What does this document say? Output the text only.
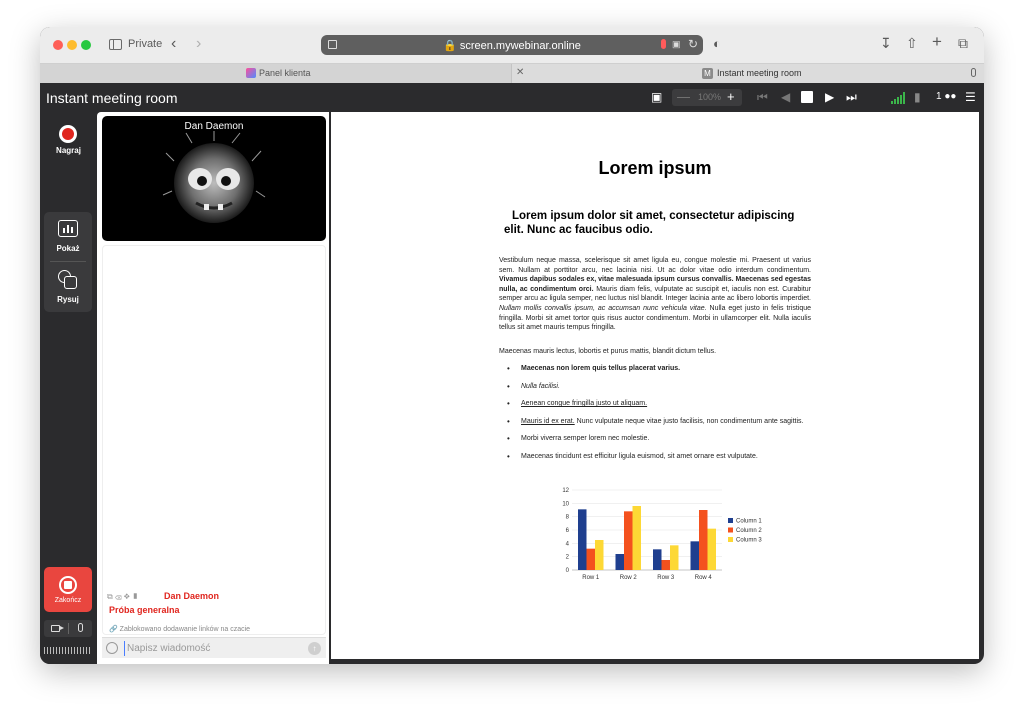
Private ‹ ›	🔒 screen.mywebinar.online	▣ ↻ ◐	↧ ⇧ + ⧉
Panel klienta	✕	M Instant meeting room
Instant meeting room	▣ — 100% + ⏮ ◀	▶ ⏭	▮ 1 ●● ☰
Nagraj
Pokaż
Rysuj
Zakończ
Dan Daemon
⧉ ⌫ ❖ ▮	Dan Daemon
Próba generalna
🔗 Zablokowano dodawanie linków na czacie
Napisz wiadomość
↑
Lorem ipsum
Lorem ipsum dolor sit amet, consectetur adipiscing elit. Nunc ac faucibus odio.

Vestibulum neque massa, scelerisque sit amet ligula eu, congue molestie mi. Praesent ut varius sem. Nullam at porttitor arcu, nec lacinia nisi. Ut ac dolor vitae odio interdum condimentum. Vivamus dapibus sodales ex, vitae malesuada ipsum cursus convallis. Maecenas sed egestas nulla, ac condimentum orci. Mauris diam felis, vulputate ac suscipit et, iaculis non est. Curabitur semper arcu ac ligula semper, nec luctus nisl blandit. Integer lacinia ante ac libero lobortis imperdiet. Nullam mollis convallis ipsum, ac accumsan nunc vehicula vitae. Nulla eget justo in felis tristique fringilla. Morbi sit amet tortor quis risus auctor condimentum. Morbi in ullamcorper elit. Nulla iaculis tellus sit amet mauris tempus fringilla.

Maecenas mauris lectus, lobortis et purus mattis, blandit dictum tellus.

• Maecenas non lorem quis tellus placerat varius.
• Nulla facilisi.
• Aenean congue fringilla justo ut aliquam.
• Mauris id ex erat. Nunc vulputate neque vitae justo facilisis, non condimentum ante sagittis.
• Morbi viverra semper lorem nec molestie.
• Maecenas tincidunt est efficitur ligula euismod, sit amet ornare est vulputate.
0
2
4
6
8
10
12
Row 1	Row 2	Row 3	Row 4
Column 1
Column 2
Column 3
